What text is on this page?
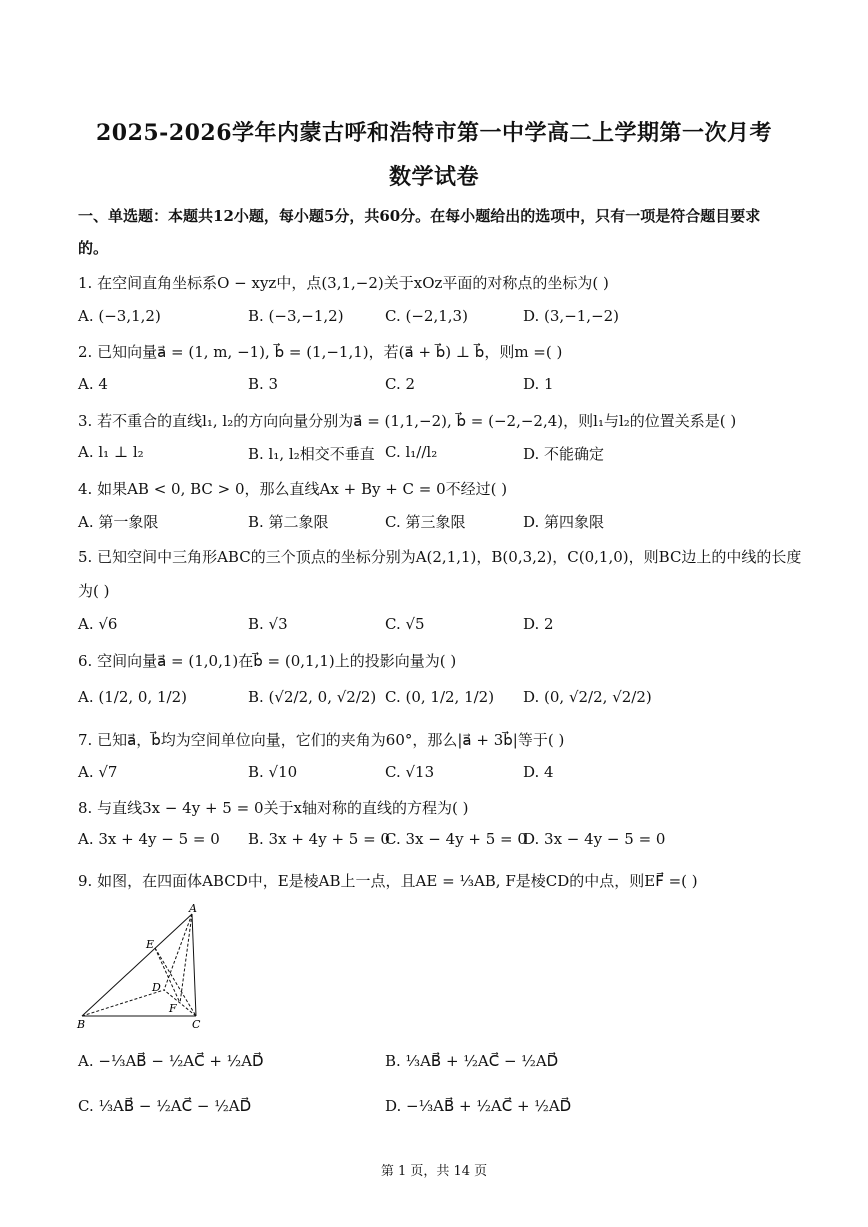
2025-2026学年内蒙古呼和浩特市第一中学高二上学期第一次月考
数学试卷
一、单选题：本题共12小题，每小题5分，共60分。在每小题给出的选项中，只有一项是符合题目要求的。
1. 在空间直角坐标系O − xyz中，点(3,1,−2)关于xOz平面的对称点的坐标为( )
A. (−3,1,2)	B. (−3,−1,2)	C. (−2,1,3)	D. (3,−1,−2)
2. 已知向量a⃗ = (1, m, −1), b⃗ = (1,−1,1)，若(a⃗ + b⃗) ⊥ b⃗，则m =( )
A. 4	B. 3	C. 2	D. 1
3. 若不重合的直线l₁, l₂的方向向量分别为a⃗ = (1,1,−2), b⃗ = (−2,−2,4)，则l₁与l₂的位置关系是( )
A. l₁ ⊥ l₂	B. l₁, l₂相交不垂直 C. l₁//l₂	D. 不能确定
4. 如果AB < 0, BC > 0，那么直线Ax + By + C = 0不经过( )
A. 第一象限	B. 第二象限	C. 第三象限	D. 第四象限
5. 已知空间中三角形ABC的三个顶点的坐标分别为A(2,1,1)，B(0,3,2)，C(0,1,0)，则BC边上的中线的长度
为( )
A. √6	B. √3	C. √5	D. 2
6. 空间向量a⃗ = (1,0,1)在b⃗ = (0,1,1)上的投影向量为( )
A. (1/2, 0, 1/2)	B. (√2/2, 0, √2/2) C. (0, 1/2, 1/2) D. (0, √2/2, √2/2)
7. 已知a⃗，b⃗均为空间单位向量，它们的夹角为60°，那么|a⃗ + 3b⃗|等于( )
A. √7	B. √10	C. √13	D. 4
8. 与直线3x − 4y + 5 = 0关于x轴对称的直线的方程为( )
A. 3x + 4y − 5 = 0 B. 3x + 4y + 5 = 0
C. 3x − 4y + 5 = 0
D. 3x − 4y − 5 = 0
9. 如图，在四面体ABCD中，E是棱AB上一点，且AE = ⅓AB, F是棱CD的中点，则EF⃗ =( )
A
E
D
F
B	C
A. −⅓AB⃗ − ½AC⃗ + ½AD⃗	B. ⅓AB⃗ + ½AC⃗ − ½AD⃗
C. ⅓AB⃗ − ½AC⃗ − ½AD⃗	D. −⅓AB⃗ + ½AC⃗ + ½AD⃗
第 1 页，共 14 页
